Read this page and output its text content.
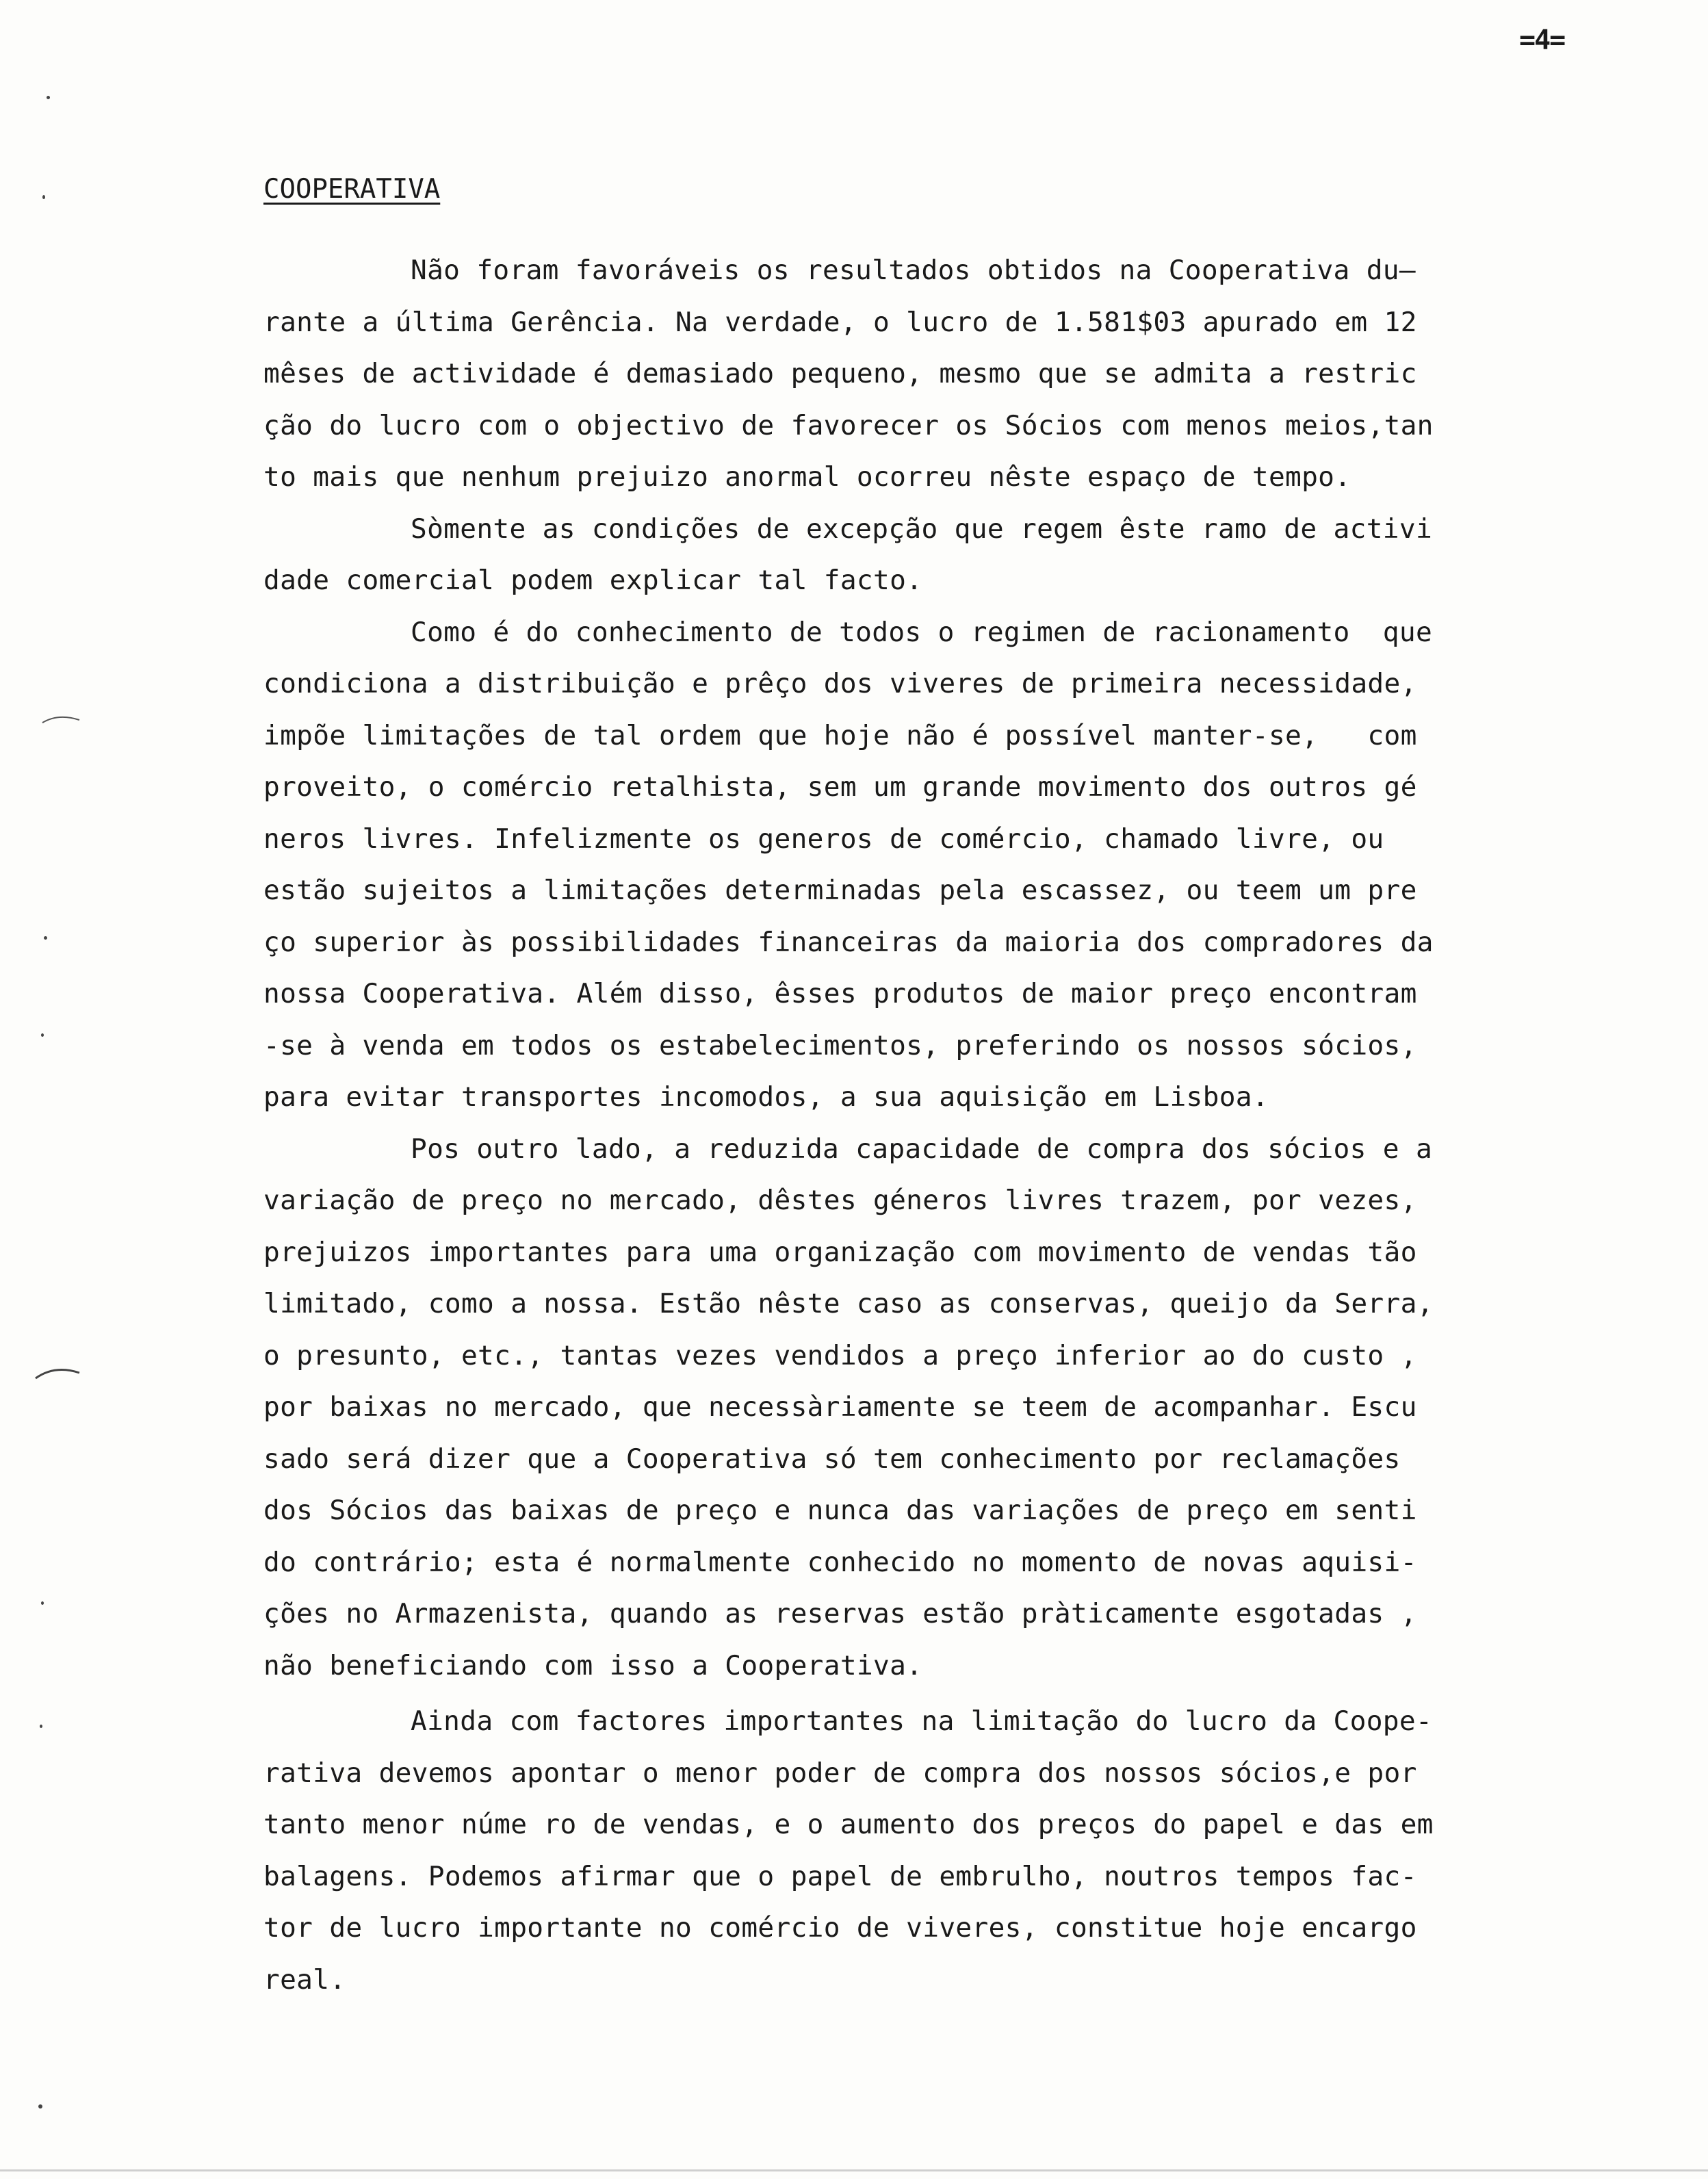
=4=
COOPERATIVA
Não foram favoráveis os resultados obtidos na Cooperativa du—
rante a última Gerência. Na verdade, o lucro de 1.581$03 apurado em 12
mêses de actividade é demasiado pequeno, mesmo que se admita a restric
ção do lucro com o objectivo de favorecer os Sócios com menos meios,tan
to mais que nenhum prejuizo anormal ocorreu nêste espaço de tempo.
Sòmente as condições de excepção que regem êste ramo de activi
dade comercial podem explicar tal facto.
Como é do conhecimento de todos o regimen de racionamento  que
condiciona a distribuição e prêço dos viveres de primeira necessidade,
impõe limitações de tal ordem que hoje não é possível manter-se,   com
proveito, o comércio retalhista, sem um grande movimento dos outros gé
neros livres. Infelizmente os generos de comércio, chamado livre, ou
estão sujeitos a limitações determinadas pela escassez, ou teem um pre
ço superior às possibilidades financeiras da maioria dos compradores da
nossa Cooperativa. Além disso, êsses produtos de maior preço encontram
-se à venda em todos os estabelecimentos, preferindo os nossos sócios,
para evitar transportes incomodos, a sua aquisição em Lisboa.
Pos outro lado, a reduzida capacidade de compra dos sócios e a
variação de preço no mercado, dêstes géneros livres trazem, por vezes,
prejuizos importantes para uma organização com movimento de vendas tão
limitado, como a nossa. Estão nêste caso as conservas, queijo da Serra,
o presunto, etc., tantas vezes vendidos a preço inferior ao do custo ,
por baixas no mercado, que necessàriamente se teem de acompanhar. Escu
sado será dizer que a Cooperativa só tem conhecimento por reclamações
dos Sócios das baixas de preço e nunca das variações de preço em senti
do contrário; esta é normalmente conhecido no momento de novas aquisi-
ções no Armazenista, quando as reservas estão pràticamente esgotadas ,
não beneficiando com isso a Cooperativa.
Ainda com factores importantes na limitação do lucro da Coope-
rativa devemos apontar o menor poder de compra dos nossos sócios,e por
tanto menor núme ro de vendas, e o aumento dos preços do papel e das em
balagens. Podemos afirmar que o papel de embrulho, noutros tempos fac-
tor de lucro importante no comércio de viveres, constitue hoje encargo
real.
